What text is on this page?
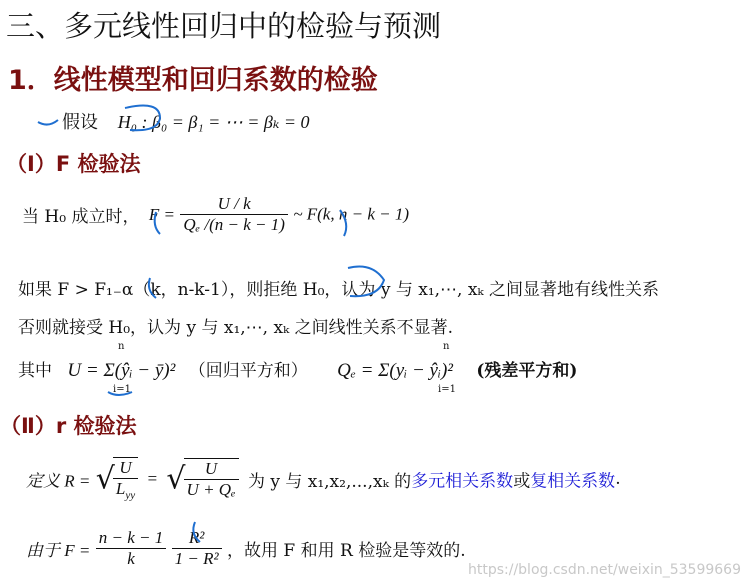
三、多元线性回归中的检验与预测
1．线性模型和回归系数的检验
假设 H₀ : β₀ = β₁ = ⋯ = βₖ = 0
（Ⅰ）F 检验法
当 H₀ 成立时， $F = \frac{U / k}{\text{Qₑ /(n − k − 1)}}$ ~ F(k, n − k − 1)
如果 F > F₁₋α（k，n-k-1），则拒绝 H₀，认为 y 与 x₁,⋯, xₖ 之间显著地有线性关系
否则就接受 H₀，认为 y 与 x₁,⋯, xₖ 之间线性关系不显著.
其中 U = Σ(ŷᵢ − ȳ)² （回归平方和） Qₑ = Σ(yᵢ − ŷᵢ)² (残差平方和)
n
i=1
n
i=1
（Ⅱ）r 检验法
定义 R = √
$\frac{U}{L_{yy}}$ = √
$\frac{U}{\text{U + Qₑ}}$ 为 y 与 x₁,x₂,...,xₖ 的多元相关系数或复相关系数.
由于 $F = \frac{n - k - 1}{k}$
$\frac{\text{R²}}{\text{1 − R²}}$ ，故用 F 和用 R 检验是等效的.
https://blog.csdn.net/weixin_53599669
